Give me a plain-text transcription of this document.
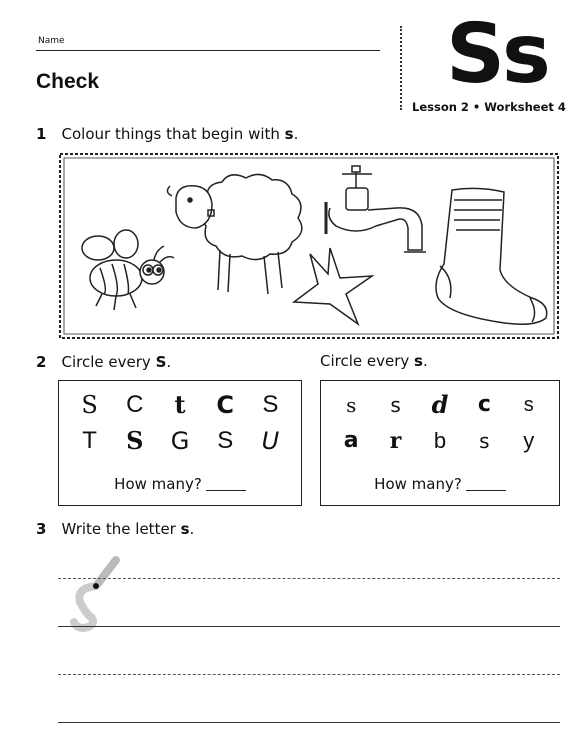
Name
Check	Ss
Lesson 2 • Worksheet 4
1 Colour things that begin with s.
2 Circle every S.	Circle every s.
S	C	t	C	S
T	S	G	S	U
How many?
s	s	d	c	s
a	r	b	s	y
How many?
3 Write the letter s.
